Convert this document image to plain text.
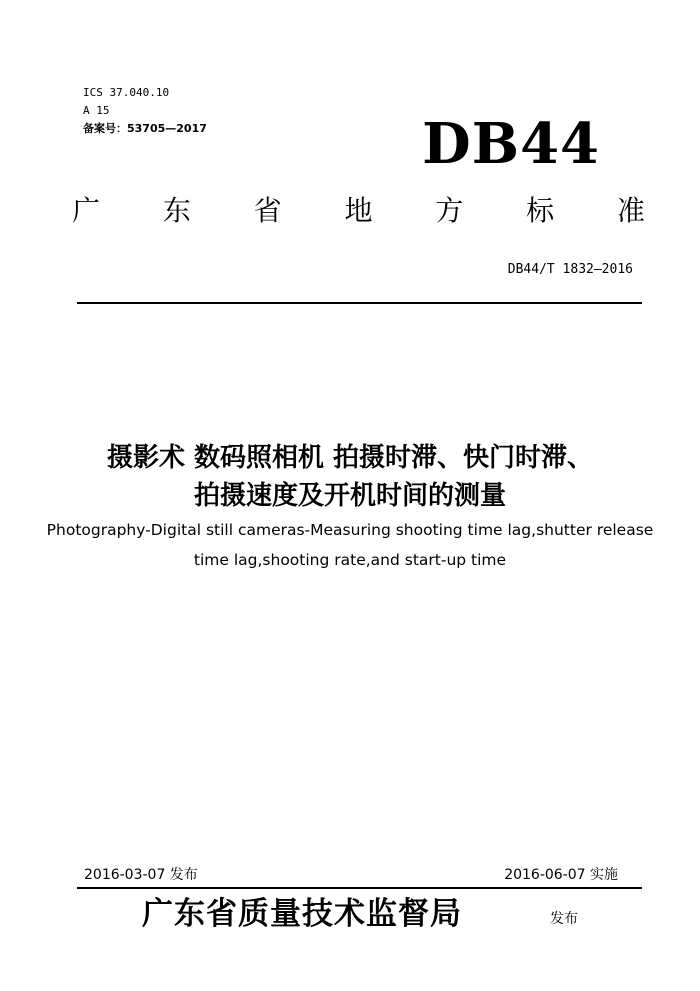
ICS 37.040.10
A 15
备案号：53705—2017	DB44
广 东 省 地 方 标 准
DB44/T 1832—2016
摄影术 数码照相机 拍摄时滞、快门时滞、
拍摄速度及开机时间的测量
Photography-Digital still cameras-Measuring shooting time lag,shutter release
time lag,shooting rate,and start-up time
2016-03-07 发布	2016-06-07 实施
广东省质量技术监督局	发布
